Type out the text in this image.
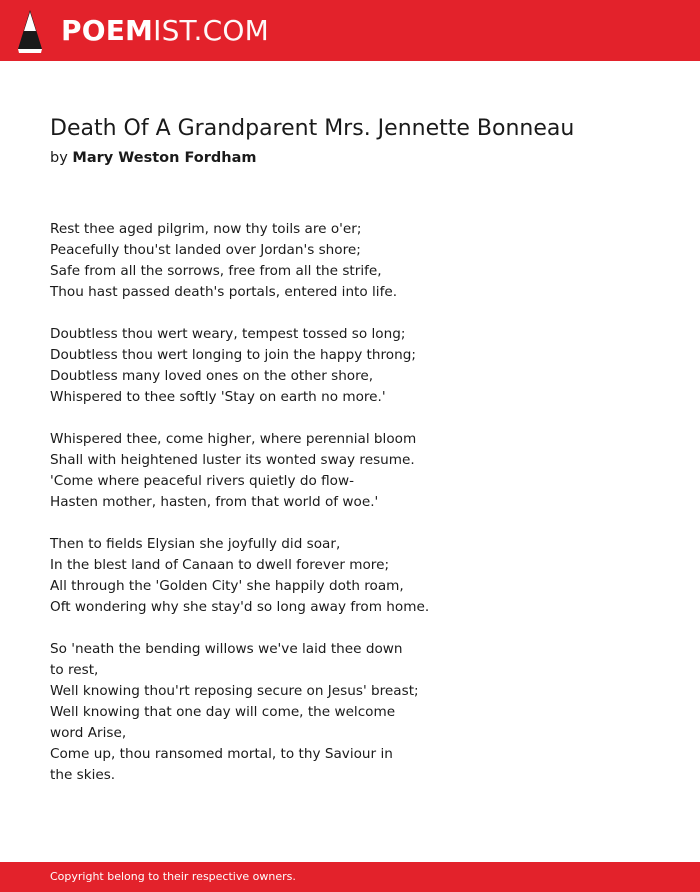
POEMIST.COM
Death Of A Grandparent Mrs. Jennette Bonneau
by Mary Weston Fordham
Rest thee aged pilgrim, now thy toils are o'er;
Peacefully thou'st landed over Jordan's shore;
Safe from all the sorrows, free from all the strife,
Thou hast passed death's portals, entered into life.
Doubtless thou wert weary, tempest tossed so long;
Doubtless thou wert longing to join the happy throng;
Doubtless many loved ones on the other shore,
Whispered to thee softly 'Stay on earth no more.'
Whispered thee, come higher, where perennial bloom
Shall with heightened luster its wonted sway resume.
'Come where peaceful rivers quietly do flow-
Hasten mother, hasten, from that world of woe.'
Then to fields Elysian she joyfully did soar,
In the blest land of Canaan to dwell forever more;
All through the 'Golden City' she happily doth roam,
Oft wondering why she stay'd so long away from home.
So 'neath the bending willows we've laid thee down
to rest,
Well knowing thou'rt reposing secure on Jesus' breast;
Well knowing that one day will come, the welcome
word Arise,
Come up, thou ransomed mortal, to thy Saviour in
the skies.
Copyright belong to their respective owners.
